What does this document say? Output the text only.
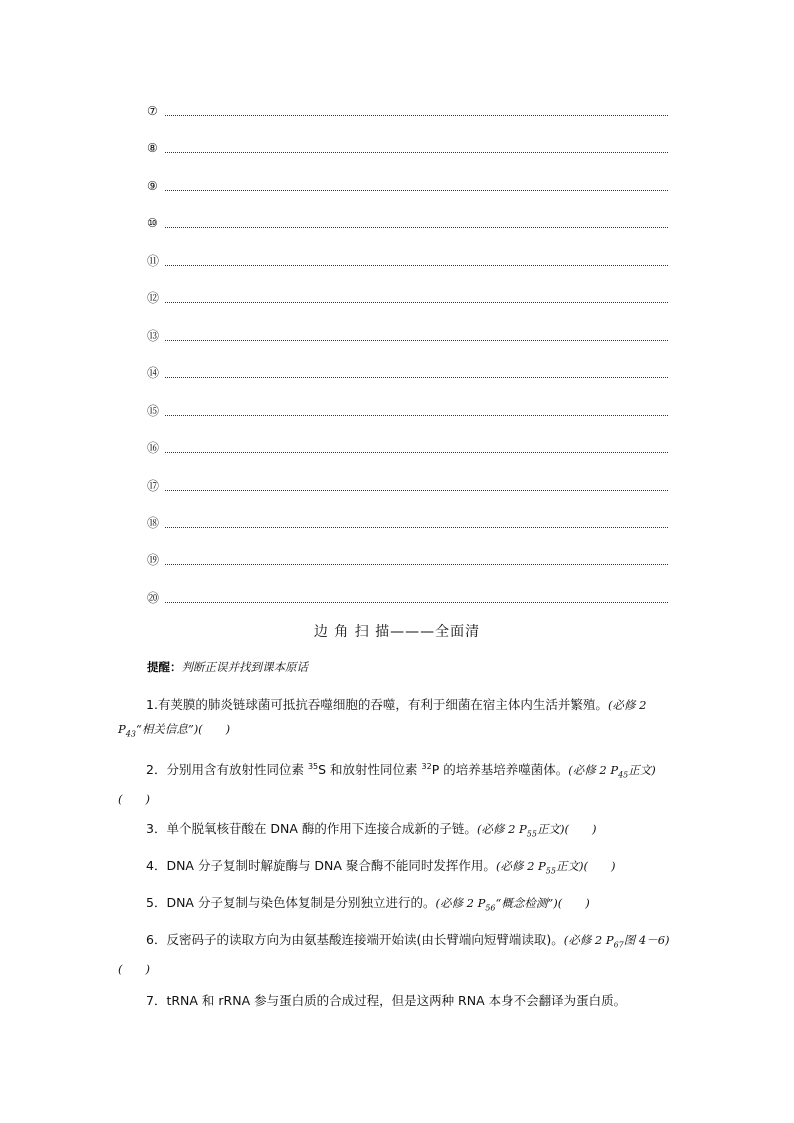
⑦
⑧
⑨
⑩
⑪
⑫
⑬
⑭
⑮
⑯
⑰
⑱
⑲
⑳
边 角 扫 描———全面清
提醒：判断正误并找到课本原话
1.有荚膜的肺炎链球菌可抵抗吞噬细胞的吞噬，有利于细菌在宿主体内生活并繁殖。(必修 2 $P_{43}“$相关信息”)(　　)
2．分别用含有放射性同位素 $^{35}$S 和放射性同位素 $^{32}$P 的培养基培养噬菌体。(必修 2 $P_{45}$正文)(　　)
3．单个脱氧核苷酸在 DNA 酶的作用下连接合成新的子链。(必修 2 $P_{55}$正文)(　　)
4．DNA 分子复制时解旋酶与 DNA 聚合酶不能同时发挥作用。(必修 2 $P_{55}$正文)(　　)
5．DNA 分子复制与染色体复制是分别独立进行的。(必修 2 $P_{56}“$概念检测”)(　　)
6．反密码子的读取方向为由氨基酸连接端开始读(由长臂端向短臂端读取)。(必修 2 $P_{67}$图 4－6)(　　)
7．tRNA 和 rRNA 参与蛋白质的合成过程，但是这两种 RNA 本身不会翻译为蛋白质。
